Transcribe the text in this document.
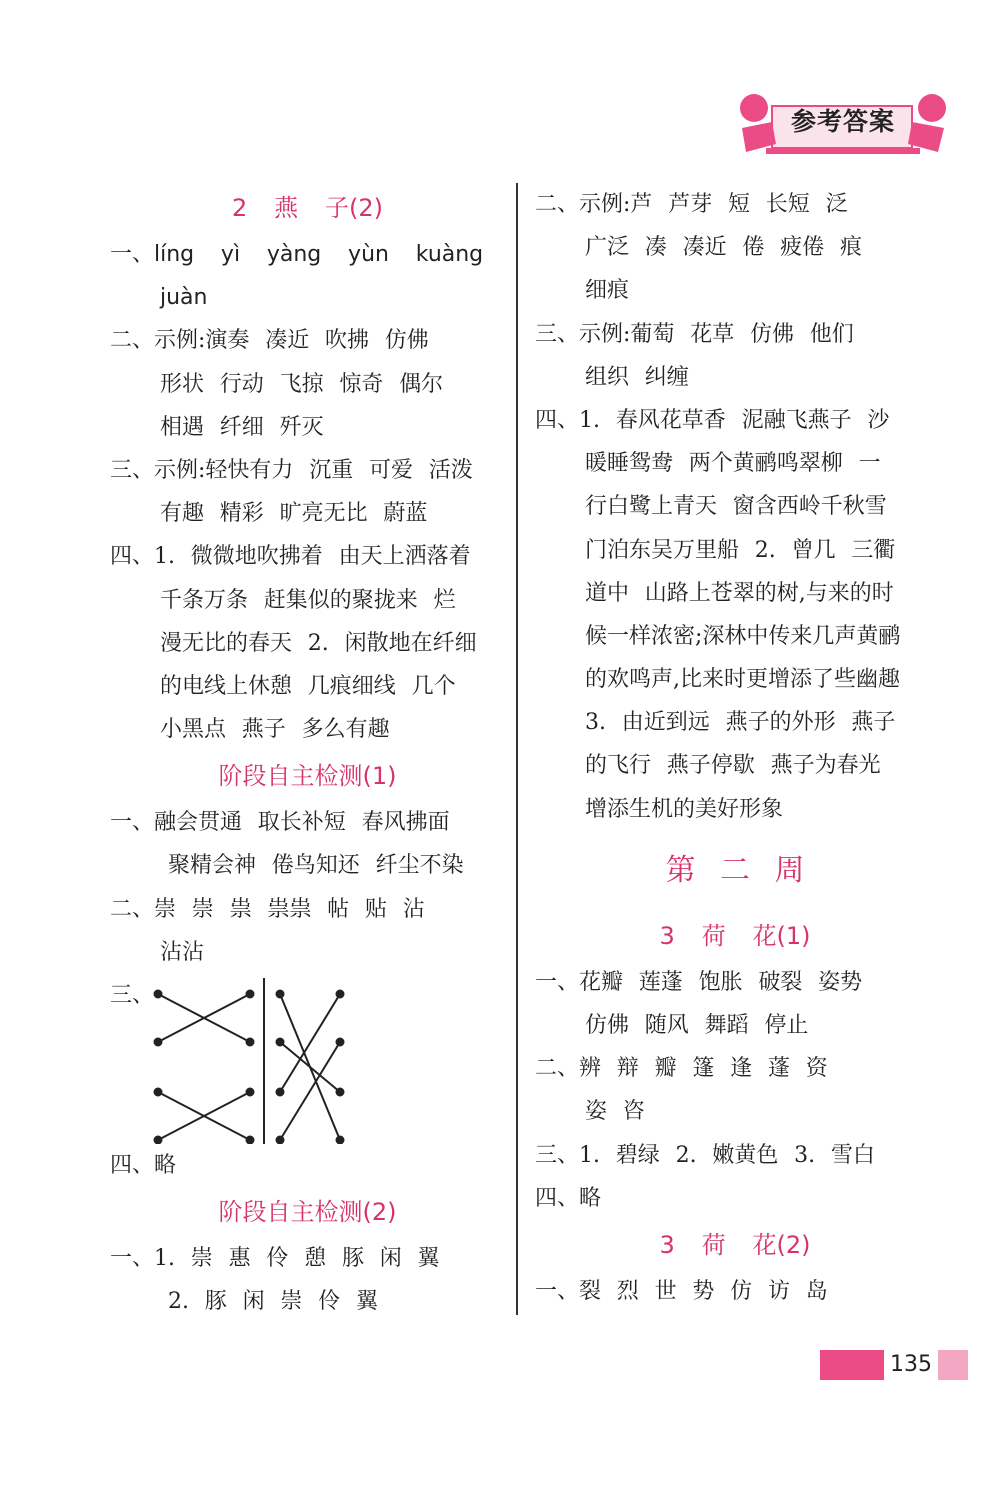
参考答案
2 燕 子(2)
一、líng yì yàng yùn kuàng
juàn
二、示例:演奏 凑近 吹拂 仿佛
形状 行动 飞掠 惊奇 偶尔
相遇 纤细 歼灭
三、示例:轻快有力 沉重 可爱 活泼
有趣 精彩 旷亮无比 蔚蓝
四、1. 微微地吹拂着 由天上洒落着
千条万条 赶集似的聚拢来 烂
漫无比的春天 2. 闲散地在纤细
的电线上休憩 几痕细线 几个
小黑点 燕子 多么有趣
阶段自主检测(1)
一、融会贯通 取长补短 春风拂面
聚精会神 倦鸟知还 纤尘不染
二、崇 崇 祟 祟祟 帖 贴 沾
沾沾
三、
四、略
阶段自主检测(2)
一、1. 崇 惠 伶 憩 豚 闲 翼
2. 豚 闲 崇 伶 翼
二、示例:芦 芦芽 短 长短 泛
广泛 凑 凑近 倦 疲倦 痕
细痕
三、示例:葡萄 花草 仿佛 他们
组织 纠缠
四、1. 春风花草香 泥融飞燕子 沙
暖睡鸳鸯 两个黄鹂鸣翠柳 一
行白鹭上青天 窗含西岭千秋雪
门泊东吴万里船 2. 曾几 三衢
道中 山路上苍翠的树,与来的时
候一样浓密;深林中传来几声黄鹂
的欢鸣声,比来时更增添了些幽趣
3. 由近到远 燕子的外形 燕子
的飞行 燕子停歇 燕子为春光
增添生机的美好形象
第 二 周
3 荷 花(1)
一、花瓣 莲蓬 饱胀 破裂 姿势
仿佛 随风 舞蹈 停止
二、辨 辩 瓣 篷 逢 蓬 资
姿 咨
三、1. 碧绿 2. 嫩黄色 3. 雪白
四、略
3 荷 花(2)
一、裂 烈 世 势 仿 访 岛
135
